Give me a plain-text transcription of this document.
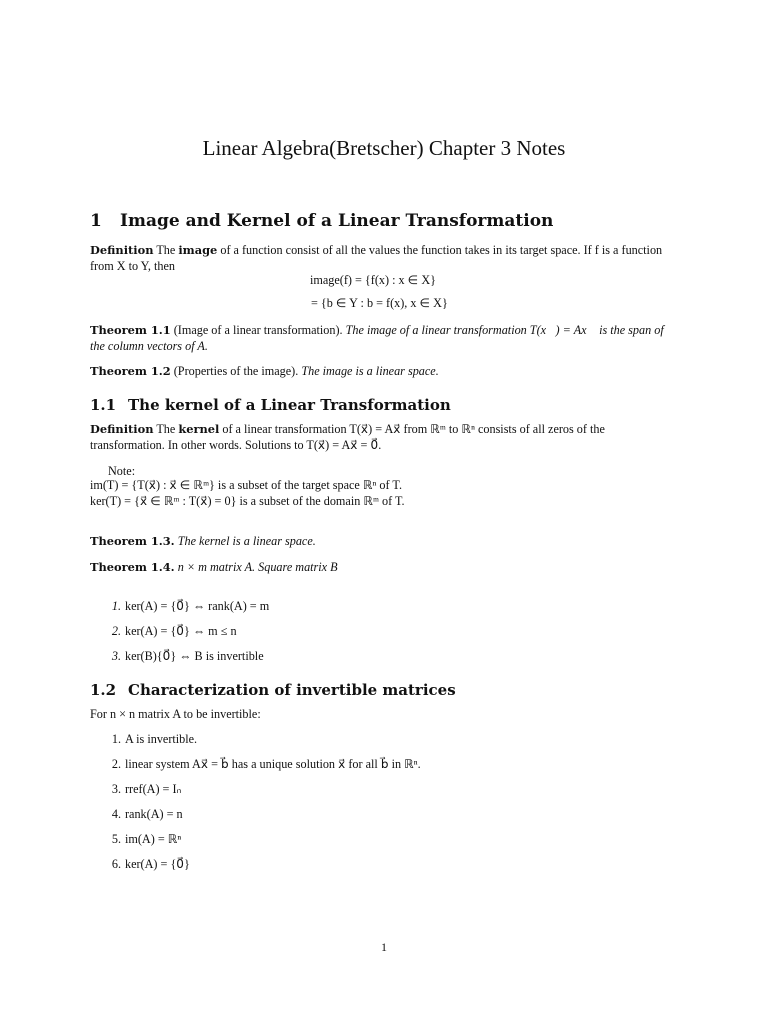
Linear Algebra(Bretscher) Chapter 3 Notes
1 Image and Kernel of a Linear Transformation

Definition The image of a function consist of all the values the function takes in its target space. If f is a function from X to Y, then

image(f) = {f(x) : x ∈ X}
= {b ∈ Y : b = f(x), x ∈ X}

Theorem 1.1 (Image of a linear transformation). The image of a linear transformation T(x⃗) = Ax⃗ is the span of the column vectors of A.

Theorem 1.2 (Properties of the image). The image is a linear space.

1.1 The kernel of a Linear Transformation

Definition The kernel of a linear transformation T(x⃗) = Ax⃗ from ℝᵐ to ℝⁿ consists of all zeros of the transformation. In other words. Solutions to T(x⃗) = Ax⃗ = 0⃗.

Note:
im(T) = {T(x⃗) : x⃗ ∈ ℝᵐ} is a subset of the target space ℝⁿ of T.
ker(T) = {x⃗ ∈ ℝᵐ : T(x⃗) = 0} is a subset of the domain ℝᵐ of T.

Theorem 1.3. The kernel is a linear space.

Theorem 1.4. n × m matrix A. Square matrix B

1. ker(A) = {0⃗} ⇔ rank(A) = m
2. ker(A) = {0⃗} ⇔ m ≤ n
3. ker(B){0⃗} ⇔ B is invertible
1.2 Characterization of invertible matrices

For n × n matrix A to be invertible:

1. A is invertible.
2. linear system Ax⃗ = b⃗ has a unique solution x⃗ for all b⃗ in ℝⁿ.
3. rref(A) = Iₙ
4. rank(A) = n
5. im(A) = ℝⁿ
6. ker(A) = {0⃗}
1
